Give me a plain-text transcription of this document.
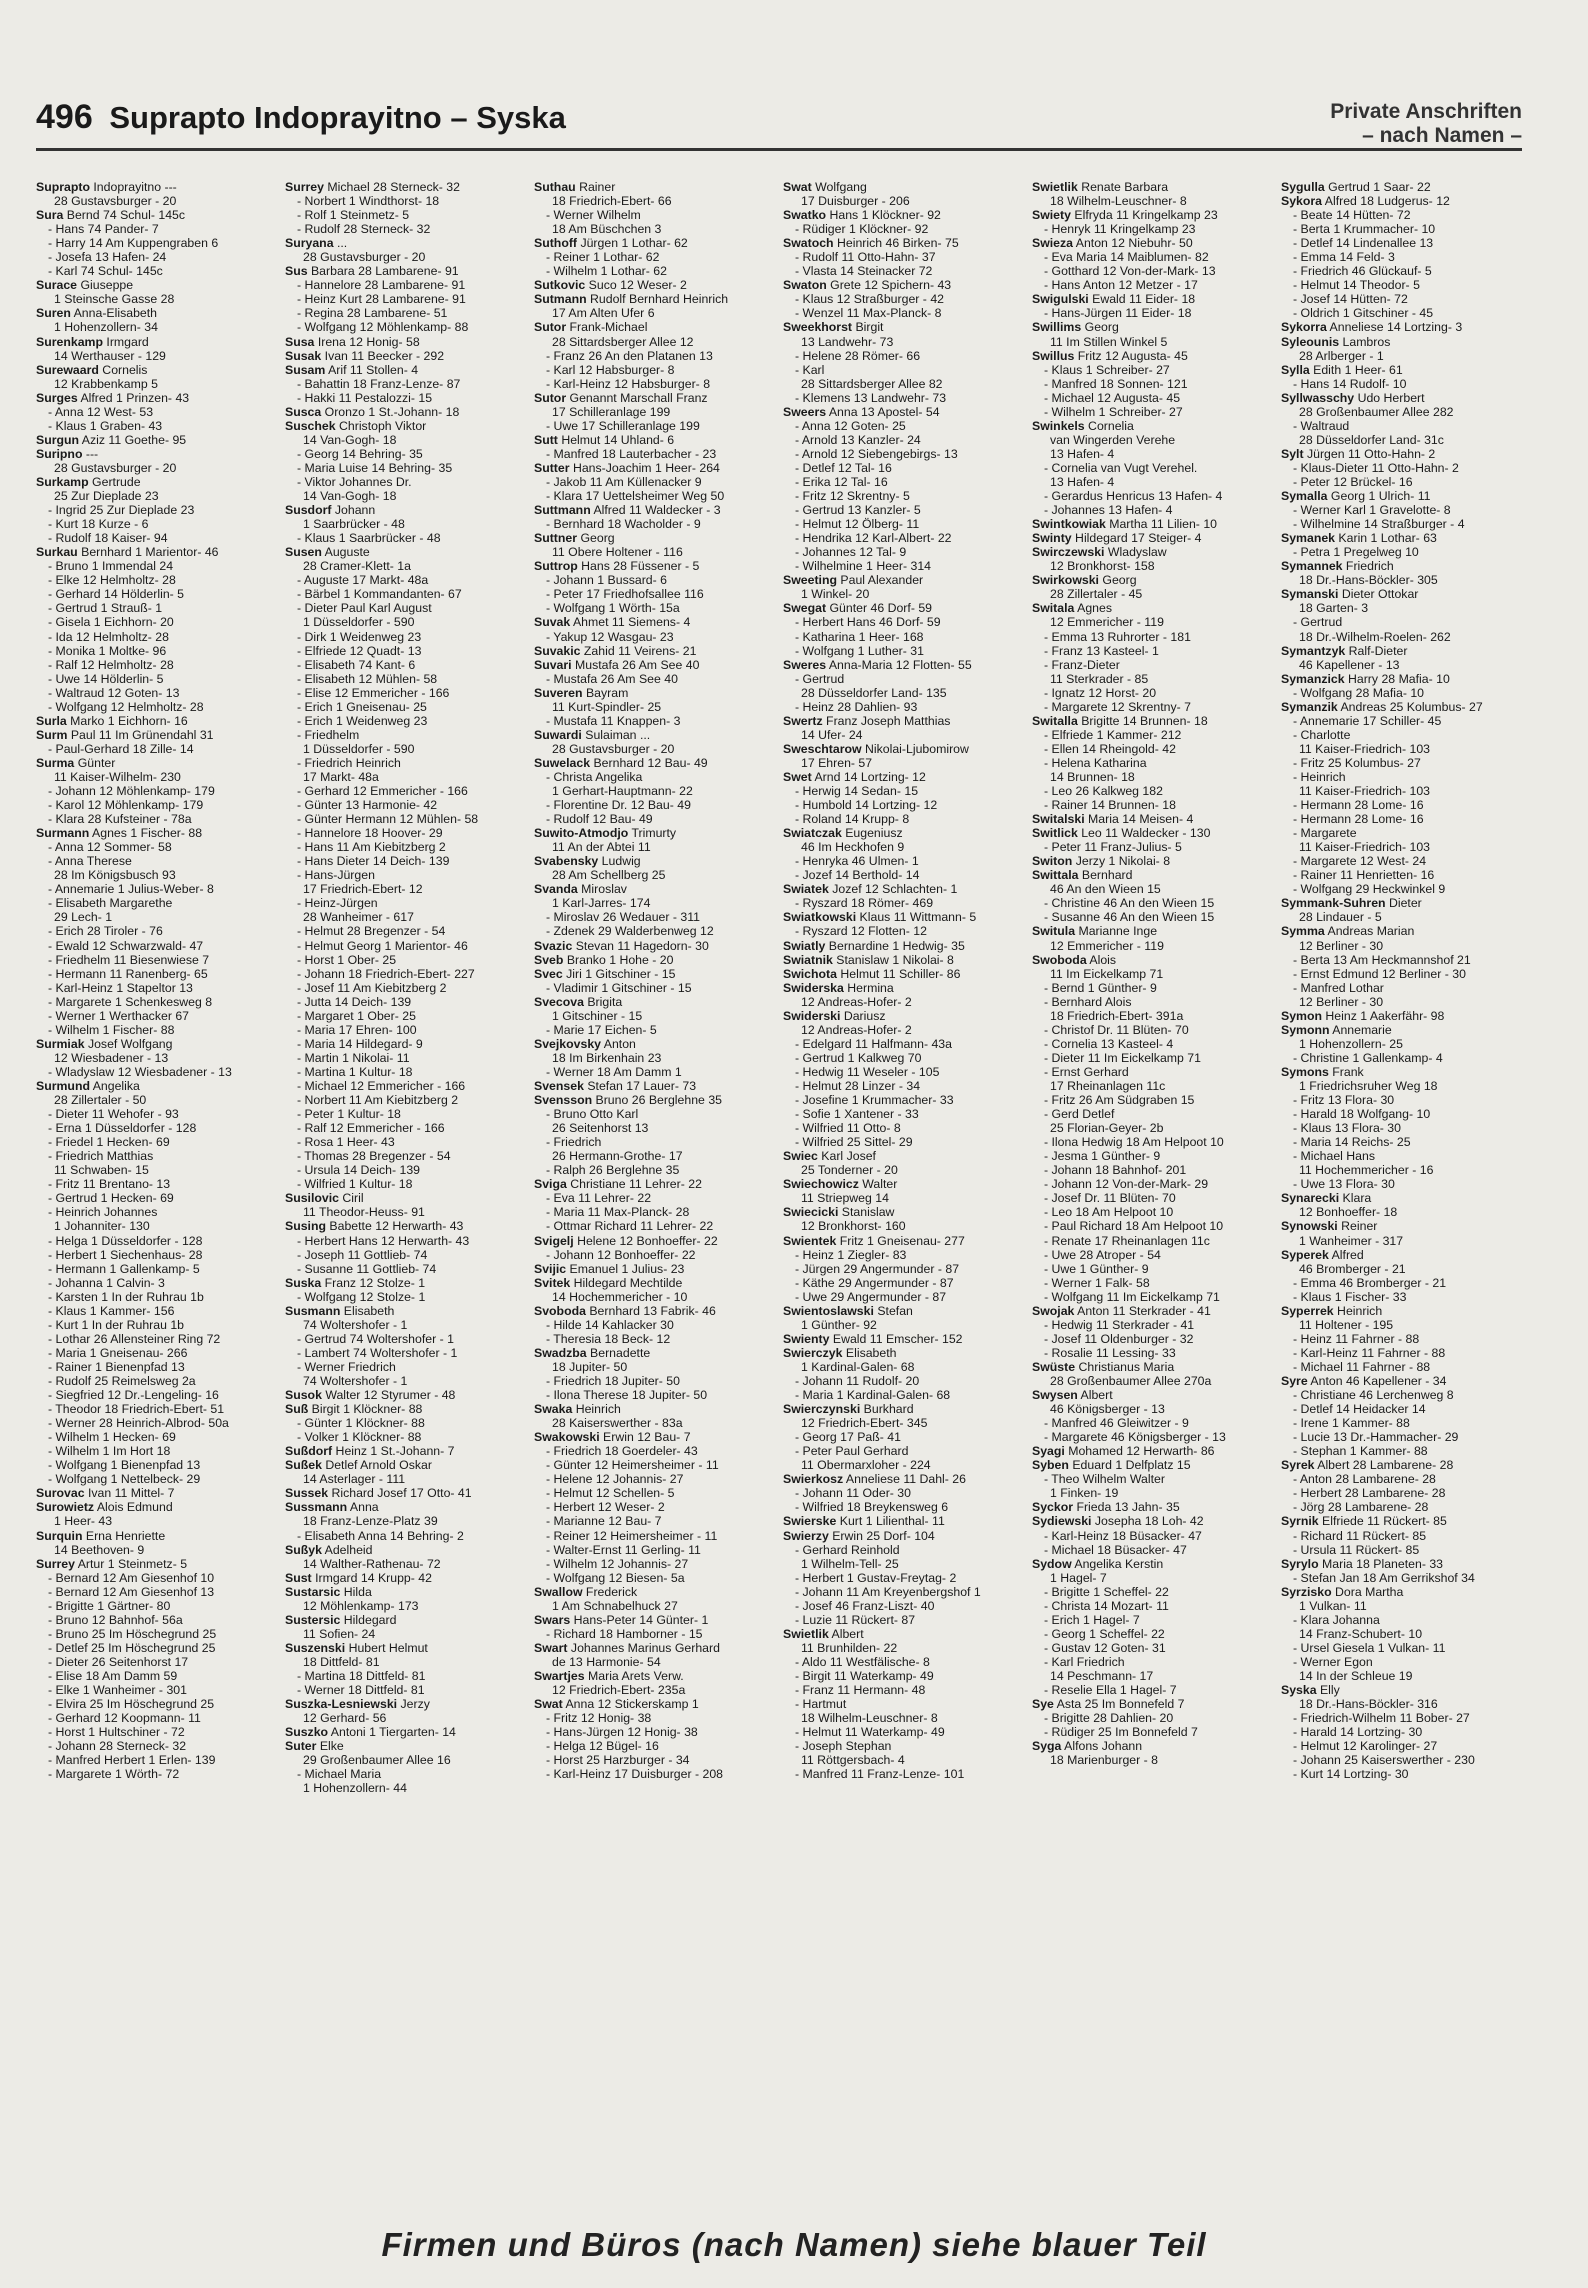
496 Suprapto Indoprayitno – Syska	Private Anschriften
– nach Namen –
Suprapto Indoprayitno ---
28 Gustavsburger - 20
Sura Bernd 74 Schul- 145c
- Hans 74 Pander- 7
- Harry 14 Am Kuppengraben 6
- Josefa 13 Hafen- 24
- Karl 74 Schul- 145c
Surace Giuseppe
1 Steinsche Gasse 28
Suren Anna-Elisabeth
1 Hohenzollern- 34
Surenkamp Irmgard
14 Werthauser - 129
Surewaard Cornelis
12 Krabbenkamp 5
Surges Alfred 1 Prinzen- 43
- Anna 12 West- 53
- Klaus 1 Graben- 43
Surgun Aziz 11 Goethe- 95
Suripno ---
28 Gustavsburger - 20
Surkamp Gertrude
25 Zur Dieplade 23
- Ingrid 25 Zur Dieplade 23
- Kurt 18 Kurze - 6
- Rudolf 18 Kaiser- 94
Surkau Bernhard 1 Marientor- 46
- Bruno 1 Immendal 24
- Elke 12 Helmholtz- 28
- Gerhard 14 Hölderlin- 5
- Gertrud 1 Strauß- 1
- Gisela 1 Eichhorn- 20
- Ida 12 Helmholtz- 28
- Monika 1 Moltke- 96
- Ralf 12 Helmholtz- 28
- Uwe 14 Hölderlin- 5
- Waltraud 12 Goten- 13
- Wolfgang 12 Helmholtz- 28
Surla Marko 1 Eichhorn- 16
Surm Paul 11 Im Grünendahl 31
- Paul-Gerhard 18 Zille- 14
Surma Günter
11 Kaiser-Wilhelm- 230
- Johann 12 Möhlenkamp- 179
- Karol 12 Möhlenkamp- 179
- Klara 28 Kufsteiner - 78a
Surmann Agnes 1 Fischer- 88
- Anna 12 Sommer- 58
- Anna Therese
28 Im Königsbusch 93
- Annemarie 1 Julius-Weber- 8
- Elisabeth Margarethe
29 Lech- 1
- Erich 28 Tiroler - 76
- Ewald 12 Schwarzwald- 47
- Friedhelm 11 Biesenwiese 7
- Hermann 11 Ranenberg- 65
- Karl-Heinz 1 Stapeltor 13
- Margarete 1 Schenkesweg 8
- Werner 1 Werthacker 67
- Wilhelm 1 Fischer- 88
Surmiak Josef Wolfgang
12 Wiesbadener - 13
- Wladyslaw 12 Wiesbadener - 13
Surmund Angelika
28 Zillertaler - 50
- Dieter 11 Wehofer - 93
- Erna 1 Düsseldorfer - 128
- Friedel 1 Hecken- 69
- Friedrich Matthias
11 Schwaben- 15
- Fritz 11 Brentano- 13
- Gertrud 1 Hecken- 69
- Heinrich Johannes
1 Johanniter- 130
- Helga 1 Düsseldorfer - 128
- Herbert 1 Siechenhaus- 28
- Hermann 1 Gallenkamp- 5
- Johanna 1 Calvin- 3
- Karsten 1 In der Ruhrau 1b
- Klaus 1 Kammer- 156
- Kurt 1 In der Ruhrau 1b
- Lothar 26 Allensteiner Ring 72
- Maria 1 Gneisenau- 266
- Rainer 1 Bienenpfad 13
- Rudolf 25 Reimelsweg 2a
- Siegfried 12 Dr.-Lengeling- 16
- Theodor 18 Friedrich-Ebert- 51
- Werner 28 Heinrich-Albrod- 50a
- Wilhelm 1 Hecken- 69
- Wilhelm 1 Im Hort 18
- Wolfgang 1 Bienenpfad 13
- Wolfgang 1 Nettelbeck- 29
Surovac Ivan 11 Mittel- 7
Surowietz Alois Edmund
1 Heer- 43
Surquin Erna Henriette
14 Beethoven- 9
Surrey Artur 1 Steinmetz- 5
- Bernard 12 Am Giesenhof 10
- Bernard 12 Am Giesenhof 13
- Brigitte 1 Gärtner- 80
- Bruno 12 Bahnhof- 56a
- Bruno 25 Im Höschegrund 25
- Detlef 25 Im Höschegrund 25
- Dieter 26 Seitenhorst 17
- Elise 18 Am Damm 59
- Elke 1 Wanheimer - 301
- Elvira 25 Im Höschegrund 25
- Gerhard 12 Koopmann- 11
- Horst 1 Hultschiner - 72
- Johann 28 Sterneck- 32
- Manfred Herbert 1 Erlen- 139
- Margarete 1 Wörth- 72
Surrey Michael 28 Sterneck- 32
- Norbert 1 Windthorst- 18
- Rolf 1 Steinmetz- 5
- Rudolf 28 Sterneck- 32
Suryana ...
28 Gustavsburger - 20
Sus Barbara 28 Lambarene- 91
- Hannelore 28 Lambarene- 91
- Heinz Kurt 28 Lambarene- 91
- Regina 28 Lambarene- 51
- Wolfgang 12 Möhlenkamp- 88
Susa Irena 12 Honig- 58
Susak Ivan 11 Beecker - 292
Susam Arif 11 Stollen- 4
- Bahattin 18 Franz-Lenze- 87
- Hakki 11 Pestalozzi- 15
Susca Oronzo 1 St.-Johann- 18
Suschek Christoph Viktor
14 Van-Gogh- 18
- Georg 14 Behring- 35
- Maria Luise 14 Behring- 35
- Viktor Johannes Dr.
14 Van-Gogh- 18
Susdorf Johann
1 Saarbrücker - 48
- Klaus 1 Saarbrücker - 48
Susen Auguste
28 Cramer-Klett- 1a
- Auguste 17 Markt- 48a
- Bärbel 1 Kommandanten- 67
- Dieter Paul Karl August
1 Düsseldorfer - 590
- Dirk 1 Weidenweg 23
- Elfriede 12 Quadt- 13
- Elisabeth 74 Kant- 6
- Elisabeth 12 Mühlen- 58
- Elise 12 Emmericher - 166
- Erich 1 Gneisenau- 25
- Erich 1 Weidenweg 23
- Friedhelm
1 Düsseldorfer - 590
- Friedrich Heinrich
17 Markt- 48a
- Gerhard 12 Emmericher - 166
- Günter 13 Harmonie- 42
- Günter Hermann 12 Mühlen- 58
- Hannelore 18 Hoover- 29
- Hans 11 Am Kiebitzberg 2
- Hans Dieter 14 Deich- 139
- Hans-Jürgen
17 Friedrich-Ebert- 12
- Heinz-Jürgen
28 Wanheimer - 617
- Helmut 28 Bregenzer - 54
- Helmut Georg 1 Marientor- 46
- Horst 1 Ober- 25
- Johann 18 Friedrich-Ebert- 227
- Josef 11 Am Kiebitzberg 2
- Jutta 14 Deich- 139
- Margaret 1 Ober- 25
- Maria 17 Ehren- 100
- Maria 14 Hildegard- 9
- Martin 1 Nikolai- 11
- Martina 1 Kultur- 18
- Michael 12 Emmericher - 166
- Norbert 11 Am Kiebitzberg 2
- Peter 1 Kultur- 18
- Ralf 12 Emmericher - 166
- Rosa 1 Heer- 43
- Thomas 28 Bregenzer - 54
- Ursula 14 Deich- 139
- Wilfried 1 Kultur- 18
Susilovic Ciril
11 Theodor-Heuss- 91
Susing Babette 12 Herwarth- 43
- Herbert Hans 12 Herwarth- 43
- Joseph 11 Gottlieb- 74
- Susanne 11 Gottlieb- 74
Suska Franz 12 Stolze- 1
- Wolfgang 12 Stolze- 1
Susmann Elisabeth
74 Woltershofer - 1
- Gertrud 74 Woltershofer - 1
- Lambert 74 Woltershofer - 1
- Werner Friedrich
74 Woltershofer - 1
Susok Walter 12 Styrumer - 48
Suß Birgit 1 Klöckner- 88
- Günter 1 Klöckner- 88
- Volker 1 Klöckner- 88
Sußdorf Heinz 1 St.-Johann- 7
Sußek Detlef Arnold Oskar
14 Asterlager - 111
Sussek Richard Josef 17 Otto- 41
Sussmann Anna
18 Franz-Lenze-Platz 39
- Elisabeth Anna 14 Behring- 2
Sußyk Adelheid
14 Walther-Rathenau- 72
Sust Irmgard 14 Krupp- 42
Sustarsic Hilda
12 Möhlenkamp- 173
Sustersic Hildegard
11 Sofien- 24
Suszenski Hubert Helmut
18 Dittfeld- 81
- Martina 18 Dittfeld- 81
- Werner 18 Dittfeld- 81
Suszka-Lesniewski Jerzy
12 Gerhard- 56
Suszko Antoni 1 Tiergarten- 14
Suter Elke
29 Großenbaumer Allee 16
- Michael Maria
1 Hohenzollern- 44
Suthau Rainer
18 Friedrich-Ebert- 66
- Werner Wilhelm
18 Am Büschchen 3
Suthoff Jürgen 1 Lothar- 62
- Reiner 1 Lothar- 62
- Wilhelm 1 Lothar- 62
Sutkovic Suco 12 Weser- 2
Sutmann Rudolf Bernhard Heinrich
17 Am Alten Ufer 6
Sutor Frank-Michael
28 Sittardsberger Allee 12
- Franz 26 An den Platanen 13
- Karl 12 Habsburger- 8
- Karl-Heinz 12 Habsburger- 8
Sutor Genannt Marschall Franz
17 Schilleranlage 199
- Uwe 17 Schilleranlage 199
Sutt Helmut 14 Uhland- 6
- Manfred 18 Lauterbacher - 23
Sutter Hans-Joachim 1 Heer- 264
- Jakob 11 Am Küllenacker 9
- Klara 17 Uettelsheimer Weg 50
Suttmann Alfred 11 Waldecker - 3
- Bernhard 18 Wacholder - 9
Suttner Georg
11 Obere Holtener - 116
Suttrop Hans 28 Füssener - 5
- Johann 1 Bussard- 6
- Peter 17 Friedhofsallee 116
- Wolfgang 1 Wörth- 15a
Suvak Ahmet 11 Siemens- 4
- Yakup 12 Wasgau- 23
Suvakic Zahid 11 Veirens- 21
Suvari Mustafa 26 Am See 40
- Mustafa 26 Am See 40
Suveren Bayram
11 Kurt-Spindler- 25
- Mustafa 11 Knappen- 3
Suwardi Sulaiman ...
28 Gustavsburger - 20
Suwelack Bernhard 12 Bau- 49
- Christa Angelika
1 Gerhart-Hauptmann- 22
- Florentine Dr. 12 Bau- 49
- Rudolf 12 Bau- 49
Suwito-Atmodjo Trimurty
11 An der Abtei 11
Svabensky Ludwig
28 Am Schellberg 25
Svanda Miroslav
1 Karl-Jarres- 174
- Miroslav 26 Wedauer - 311
- Zdenek 29 Walderbenweg 12
Svazic Stevan 11 Hagedorn- 30
Sveb Branko 1 Hohe - 20
Svec Jiri 1 Gitschiner - 15
- Vladimir 1 Gitschiner - 15
Svecova Brigita
1 Gitschiner - 15
- Marie 17 Eichen- 5
Svejkovsky Anton
18 Im Birkenhain 23
- Werner 18 Am Damm 1
Svensek Stefan 17 Lauer- 73
Svensson Bruno 26 Berglehne 35
- Bruno Otto Karl
26 Seitenhorst 13
- Friedrich
26 Hermann-Grothe- 17
- Ralph 26 Berglehne 35
Sviga Christiane 11 Lehrer- 22
- Eva 11 Lehrer- 22
- Maria 11 Max-Planck- 28
- Ottmar Richard 11 Lehrer- 22
Svigelj Helene 12 Bonhoeffer- 22
- Johann 12 Bonhoeffer- 22
Svijic Emanuel 1 Julius- 23
Svitek Hildegard Mechtilde
14 Hochemmericher - 10
Svoboda Bernhard 13 Fabrik- 46
- Hilde 14 Kahlacker 30
- Theresia 18 Beck- 12
Swadzba Bernadette
18 Jupiter- 50
- Friedrich 18 Jupiter- 50
- Ilona Therese 18 Jupiter- 50
Swaka Heinrich
28 Kaiserswerther - 83a
Swakowski Erwin 12 Bau- 7
- Friedrich 18 Goerdeler- 43
- Günter 12 Heimersheimer - 11
- Helene 12 Johannis- 27
- Helmut 12 Schellen- 5
- Herbert 12 Weser- 2
- Marianne 12 Bau- 7
- Reiner 12 Heimersheimer - 11
- Walter-Ernst 11 Gerling- 11
- Wilhelm 12 Johannis- 27
- Wolfgang 12 Biesen- 5a
Swallow Frederick
1 Am Schnabelhuck 27
Swars Hans-Peter 14 Günter- 1
- Richard 18 Hamborner - 15
Swart Johannes Marinus Gerhard
de 13 Harmonie- 54
Swartjes Maria Arets Verw.
12 Friedrich-Ebert- 235a
Swat Anna 12 Stickerskamp 1
- Fritz 12 Honig- 38
- Hans-Jürgen 12 Honig- 38
- Helga 12 Bügel- 16
- Horst 25 Harzburger - 34
- Karl-Heinz 17 Duisburger - 208
Swat Wolfgang
17 Duisburger - 206
Swatko Hans 1 Klöckner- 92
- Rüdiger 1 Klöckner- 92
Swatoch Heinrich 46 Birken- 75
- Rudolf 11 Otto-Hahn- 37
- Vlasta 14 Steinacker 72
Swaton Grete 12 Spichern- 43
- Klaus 12 Straßburger - 42
- Wenzel 11 Max-Planck- 8
Sweekhorst Birgit
13 Landwehr- 73
- Helene 28 Römer- 66
- Karl
28 Sittardsberger Allee 82
- Klemens 13 Landwehr- 73
Sweers Anna 13 Apostel- 54
- Anna 12 Goten- 25
- Arnold 13 Kanzler- 24
- Arnold 12 Siebengebirgs- 13
- Detlef 12 Tal- 16
- Erika 12 Tal- 16
- Fritz 12 Skrentny- 5
- Gertrud 13 Kanzler- 5
- Helmut 12 Ölberg- 11
- Hendrika 12 Karl-Albert- 22
- Johannes 12 Tal- 9
- Wilhelmine 1 Heer- 314
Sweeting Paul Alexander
1 Winkel- 20
Swegat Günter 46 Dorf- 59
- Herbert Hans 46 Dorf- 59
- Katharina 1 Heer- 168
- Wolfgang 1 Luther- 31
Sweres Anna-Maria 12 Flotten- 55
- Gertrud
28 Düsseldorfer Land- 135
- Heinz 28 Dahlien- 93
Swertz Franz Joseph Matthias
14 Ufer- 24
Sweschtarow Nikolai-Ljubomirow
17 Ehren- 57
Swet Arnd 14 Lortzing- 12
- Herwig 14 Sedan- 15
- Humbold 14 Lortzing- 12
- Roland 14 Krupp- 8
Swiatczak Eugeniusz
46 Im Heckhofen 9
- Henryka 46 Ulmen- 1
- Jozef 14 Berthold- 14
Swiatek Jozef 12 Schlachten- 1
- Ryszard 18 Römer- 469
Swiatkowski Klaus 11 Wittmann- 5
- Ryszard 12 Flotten- 12
Swiatly Bernardine 1 Hedwig- 35
Swiatnik Stanislaw 1 Nikolai- 8
Swichota Helmut 11 Schiller- 86
Swiderska Hermina
12 Andreas-Hofer- 2
Swiderski Dariusz
12 Andreas-Hofer- 2
- Edelgard 11 Halfmann- 43a
- Gertrud 1 Kalkweg 70
- Hedwig 11 Weseler - 105
- Helmut 28 Linzer - 34
- Josefine 1 Krummacher- 33
- Sofie 1 Xantener - 33
- Wilfried 11 Otto- 8
- Wilfried 25 Sittel- 29
Swiec Karl Josef
25 Tonderner - 20
Swiechowicz Walter
11 Striepweg 14
Swiecicki Stanislaw
12 Bronkhorst- 160
Swientek Fritz 1 Gneisenau- 277
- Heinz 1 Ziegler- 83
- Jürgen 29 Angermunder - 87
- Käthe 29 Angermunder - 87
- Uwe 29 Angermunder - 87
Swientoslawski Stefan
1 Günther- 92
Swienty Ewald 11 Emscher- 152
Swierczyk Elisabeth
1 Kardinal-Galen- 68
- Johann 11 Rudolf- 20
- Maria 1 Kardinal-Galen- 68
Swierczynski Burkhard
12 Friedrich-Ebert- 345
- Georg 17 Paß- 41
- Peter Paul Gerhard
11 Obermarxloher - 224
Swierkosz Anneliese 11 Dahl- 26
- Johann 11 Oder- 30
- Wilfried 18 Breykensweg 6
Swierske Kurt 1 Lilienthal- 11
Swierzy Erwin 25 Dorf- 104
- Gerhard Reinhold
1 Wilhelm-Tell- 25
- Herbert 1 Gustav-Freytag- 2
- Johann 11 Am Kreyenbergshof 1
- Josef 46 Franz-Liszt- 40
- Luzie 11 Rückert- 87
Swietlik Albert
11 Brunhilden- 22
- Aldo 11 Westfälische- 8
- Birgit 11 Waterkamp- 49
- Franz 11 Hermann- 48
- Hartmut
18 Wilhelm-Leuschner- 8
- Helmut 11 Waterkamp- 49
- Joseph Stephan
11 Röttgersbach- 4
- Manfred 11 Franz-Lenze- 101
Swietlik Renate Barbara
18 Wilhelm-Leuschner- 8
Swiety Elfryda 11 Kringelkamp 23
- Henryk 11 Kringelkamp 23
Swieza Anton 12 Niebuhr- 50
- Eva Maria 14 Maiblumen- 82
- Gotthard 12 Von-der-Mark- 13
- Hans Anton 12 Metzer - 17
Swigulski Ewald 11 Eider- 18
- Hans-Jürgen 11 Eider- 18
Swillims Georg
11 Im Stillen Winkel 5
Swillus Fritz 12 Augusta- 45
- Klaus 1 Schreiber- 27
- Manfred 18 Sonnen- 121
- Michael 12 Augusta- 45
- Wilhelm 1 Schreiber- 27
Swinkels Cornelia
van Wingerden Verehe
13 Hafen- 4
- Cornelia van Vugt Verehel.
13 Hafen- 4
- Gerardus Henricus 13 Hafen- 4
- Johannes 13 Hafen- 4
Swintkowiak Martha 11 Lilien- 10
Swinty Hildegard 17 Steiger- 4
Swirczewski Wladyslaw
12 Bronkhorst- 158
Swirkowski Georg
28 Zillertaler - 45
Switala Agnes
12 Emmericher - 119
- Emma 13 Ruhrorter - 181
- Franz 13 Kasteel- 1
- Franz-Dieter
11 Sterkrader - 85
- Ignatz 12 Horst- 20
- Margarete 12 Skrentny- 7
Switalla Brigitte 14 Brunnen- 18
- Elfriede 1 Kammer- 212
- Ellen 14 Rheingold- 42
- Helena Katharina
14 Brunnen- 18
- Leo 26 Kalkweg 182
- Rainer 14 Brunnen- 18
Switalski Maria 14 Meisen- 4
Switlick Leo 11 Waldecker - 130
- Peter 11 Franz-Julius- 5
Switon Jerzy 1 Nikolai- 8
Swittala Bernhard
46 An den Wieen 15
- Christine 46 An den Wieen 15
- Susanne 46 An den Wieen 15
Switula Marianne Inge
12 Emmericher - 119
Swoboda Alois
11 Im Eickelkamp 71
- Bernd 1 Günther- 9
- Bernhard Alois
18 Friedrich-Ebert- 391a
- Christof Dr. 11 Blüten- 70
- Cornelia 13 Kasteel- 4
- Dieter 11 Im Eickelkamp 71
- Ernst Gerhard
17 Rheinanlagen 11c
- Fritz 26 Am Südgraben 15
- Gerd Detlef
25 Florian-Geyer- 2b
- Ilona Hedwig 18 Am Helpoot 10
- Jesma 1 Günther- 9
- Johann 18 Bahnhof- 201
- Johann 12 Von-der-Mark- 29
- Josef Dr. 11 Blüten- 70
- Leo 18 Am Helpoot 10
- Paul Richard 18 Am Helpoot 10
- Renate 17 Rheinanlagen 11c
- Uwe 28 Atroper - 54
- Uwe 1 Günther- 9
- Werner 1 Falk- 58
- Wolfgang 11 Im Eickelkamp 71
Swojak Anton 11 Sterkrader - 41
- Hedwig 11 Sterkrader - 41
- Josef 11 Oldenburger - 32
- Rosalie 11 Lessing- 33
Swüste Christianus Maria
28 Großenbaumer Allee 270a
Swysen Albert
46 Königsberger - 13
- Manfred 46 Gleiwitzer - 9
- Margarete 46 Königsberger - 13
Syagi Mohamed 12 Herwarth- 86
Syben Eduard 1 Delfplatz 15
- Theo Wilhelm Walter
1 Finken- 19
Syckor Frieda 13 Jahn- 35
Sydiewski Josepha 18 Loh- 42
- Karl-Heinz 18 Büsacker- 47
- Michael 18 Büsacker- 47
Sydow Angelika Kerstin
1 Hagel- 7
- Brigitte 1 Scheffel- 22
- Christa 14 Mozart- 11
- Erich 1 Hagel- 7
- Georg 1 Scheffel- 22
- Gustav 12 Goten- 31
- Karl Friedrich
14 Peschmann- 17
- Reselie Ella 1 Hagel- 7
Sye Asta 25 Im Bonnefeld 7
- Brigitte 28 Dahlien- 20
- Rüdiger 25 Im Bonnefeld 7
Syga Alfons Johann
18 Marienburger - 8
Sygulla Gertrud 1 Saar- 22
Sykora Alfred 18 Ludgerus- 12
- Beate 14 Hütten- 72
- Berta 1 Krummacher- 10
- Detlef 14 Lindenallee 13
- Emma 14 Feld- 3
- Friedrich 46 Glückauf- 5
- Helmut 14 Theodor- 5
- Josef 14 Hütten- 72
- Oldrich 1 Gitschiner - 45
Sykorra Anneliese 14 Lortzing- 3
Syleounis Lambros
28 Arlberger - 1
Sylla Edith 1 Heer- 61
- Hans 14 Rudolf- 10
Syllwasschy Udo Herbert
28 Großenbaumer Allee 282
- Waltraud
28 Düsseldorfer Land- 31c
Sylt Jürgen 11 Otto-Hahn- 2
- Klaus-Dieter 11 Otto-Hahn- 2
- Peter 12 Brückel- 16
Symalla Georg 1 Ulrich- 11
- Werner Karl 1 Gravelotte- 8
- Wilhelmine 14 Straßburger - 4
Symanek Karin 1 Lothar- 63
- Petra 1 Pregelweg 10
Symannek Friedrich
18 Dr.-Hans-Böckler- 305
Symanski Dieter Ottokar
18 Garten- 3
- Gertrud
18 Dr.-Wilhelm-Roelen- 262
Symantzyk Ralf-Dieter
46 Kapellener - 13
Symanzick Harry 28 Mafia- 10
- Wolfgang 28 Mafia- 10
Symanzik Andreas 25 Kolumbus- 27
- Annemarie 17 Schiller- 45
- Charlotte
11 Kaiser-Friedrich- 103
- Fritz 25 Kolumbus- 27
- Heinrich
11 Kaiser-Friedrich- 103
- Hermann 28 Lome- 16
- Hermann 28 Lome- 16
- Margarete
11 Kaiser-Friedrich- 103
- Margarete 12 West- 24
- Rainer 11 Henrietten- 16
- Wolfgang 29 Heckwinkel 9
Symmank-Suhren Dieter
28 Lindauer - 5
Symma Andreas Marian
12 Berliner - 30
- Berta 13 Am Heckmannshof 21
- Ernst Edmund 12 Berliner - 30
- Manfred Lothar
12 Berliner - 30
Symon Heinz 1 Aakerfähr- 98
Symonn Annemarie
1 Hohenzollern- 25
- Christine 1 Gallenkamp- 4
Symons Frank
1 Friedrichsruher Weg 18
- Fritz 13 Flora- 30
- Harald 18 Wolfgang- 10
- Klaus 13 Flora- 30
- Maria 14 Reichs- 25
- Michael Hans
11 Hochemmericher - 16
- Uwe 13 Flora- 30
Synarecki Klara
12 Bonhoeffer- 18
Synowski Reiner
1 Wanheimer - 317
Syperek Alfred
46 Bromberger - 21
- Emma 46 Bromberger - 21
- Klaus 1 Fischer- 33
Syperrek Heinrich
11 Holtener - 195
- Heinz 11 Fahrner - 88
- Karl-Heinz 11 Fahrner - 88
- Michael 11 Fahrner - 88
Syre Anton 46 Kapellener - 34
- Christiane 46 Lerchenweg 8
- Detlef 14 Heidacker 14
- Irene 1 Kammer- 88
- Lucie 13 Dr.-Hammacher- 29
- Stephan 1 Kammer- 88
Syrek Albert 28 Lambarene- 28
- Anton 28 Lambarene- 28
- Herbert 28 Lambarene- 28
- Jörg 28 Lambarene- 28
Syrnik Elfriede 11 Rückert- 85
- Richard 11 Rückert- 85
- Ursula 11 Rückert- 85
Syrylo Maria 18 Planeten- 33
- Stefan Jan 18 Am Gerrikshof 34
Syrzisko Dora Martha
1 Vulkan- 11
- Klara Johanna
14 Franz-Schubert- 10
- Ursel Giesela 1 Vulkan- 11
- Werner Egon
14 In der Schleue 19
Syska Elly
18 Dr.-Hans-Böckler- 316
- Friedrich-Wilhelm 11 Bober- 27
- Harald 14 Lortzing- 30
- Helmut 12 Karolinger- 27
- Johann 25 Kaiserswerther - 230
- Kurt 14 Lortzing- 30
Firmen und Büros (nach Namen) siehe blauer Teil
